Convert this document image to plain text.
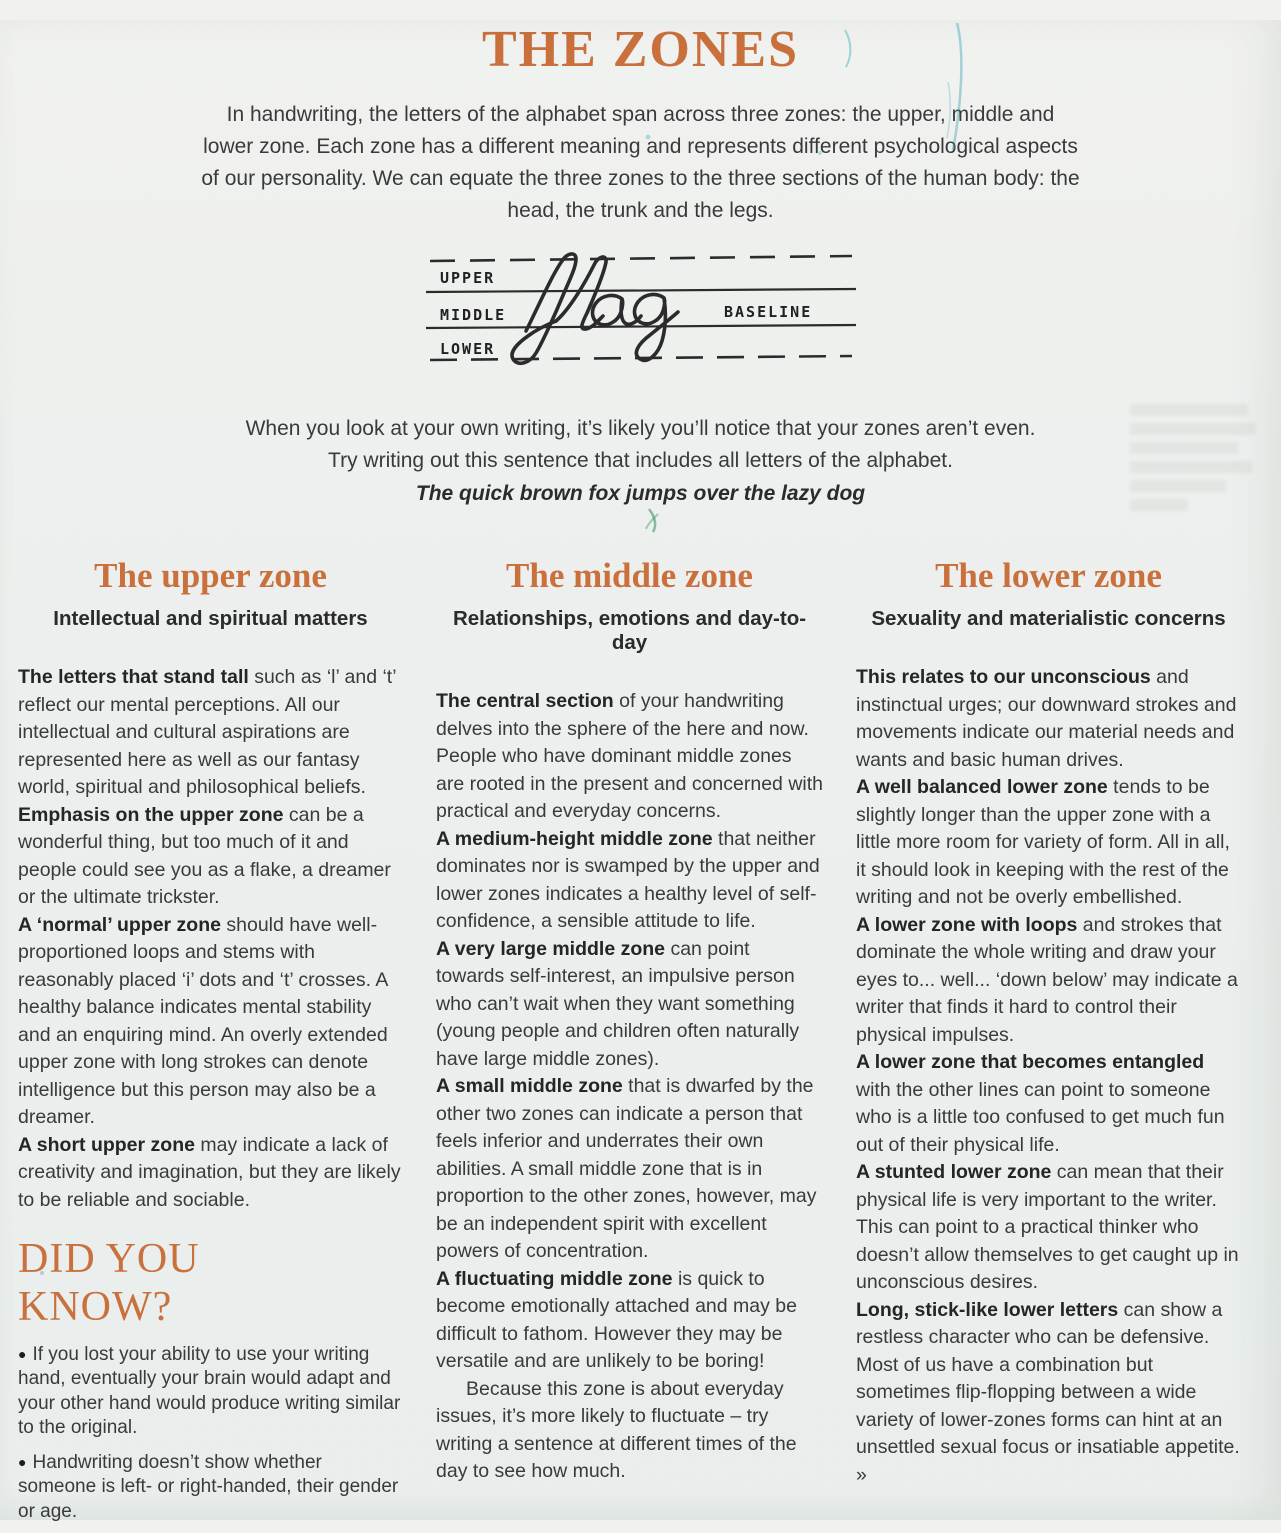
THE ZONES
In handwriting, the letters of the alphabet span across three zones: the upper, middle and
lower zone. Each zone has a different meaning and represents different psychological aspects
of our personality. We can equate the three zones to the three sections of the human body: the
head, the trunk and the legs.
UPPER
MIDDLE
LOWER
BASELINE
When you look at your own writing, it’s likely you’ll notice that your zones aren’t even.
Try writing out this sentence that includes all letters of the alphabet.
The quick brown fox jumps over the lazy dog
The upper zone
Intellectual and spiritual matters

The letters that stand tall such as ‘l’ and ‘t’ reflect our mental perceptions. All our intellectual and cultural aspirations are represented here as well as our fantasy world, spiritual and philosophical beliefs.

Emphasis on the upper zone can be a wonderful thing, but too much of it and people could see you as a flake, a dreamer or the ultimate trickster.

A ‘normal’ upper zone should have well-proportioned loops and stems with reasonably placed ‘i’ dots and ‘t’ crosses. A healthy balance indicates mental stability and an enquiring mind. An overly extended upper zone with long strokes can denote intelligence but this person may also be a dreamer.

A short upper zone may indicate a lack of creativity and imagination, but they are likely to be reliable and sociable.

DID YOU KNOW?

● If you lost your ability to use your writing hand, eventually your brain would adapt and your other hand would produce writing similar to the original.

● Handwriting doesn’t show whether someone is left- or right-handed, their gender or age.

The middle zone
Relationships, emotions and day-to-day

The central section of your handwriting delves into the sphere of the here and now. People who have dominant middle zones are rooted in the present and concerned with practical and everyday concerns.

A medium-height middle zone that neither dominates nor is swamped by the upper and lower zones indicates a healthy level of self-confidence, a sensible attitude to life.

A very large middle zone can point towards self-interest, an impulsive person who can’t wait when they want something (young people and children often naturally have large middle zones).

A small middle zone that is dwarfed by the other two zones can indicate a person that feels inferior and underrates their own abilities. A small middle zone that is in proportion to the other zones, however, may be an independent spirit with excellent powers of concentration.

A fluctuating middle zone is quick to become emotionally attached and may be difficult to fathom. However they may be versatile and are unlikely to be boring!

Because this zone is about everyday issues, it’s more likely to fluctuate – try writing a sentence at different times of the day to see how much.

The lower zone
Sexuality and materialistic concerns

This relates to our unconscious and instinctual urges; our downward strokes and movements indicate our material needs and wants and basic human drives.

A well balanced lower zone tends to be slightly longer than the upper zone with a little more room for variety of form. All in all, it should look in keeping with the rest of the writing and not be overly embellished.

A lower zone with loops and strokes that dominate the whole writing and draw your eyes to... well... ‘down below’ may indicate a writer that finds it hard to control their physical impulses.

A lower zone that becomes entangled with the other lines can point to someone who is a little too confused to get much fun out of their physical life.

A stunted lower zone can mean that their physical life is very important to the writer. This can point to a practical thinker who doesn’t allow themselves to get caught up in unconscious desires.

Long, stick-like lower letters can show a restless character who can be defensive. Most of us have a combination but sometimes flip-flopping between a wide variety of lower-zones forms can hint at an unsettled sexual focus or insatiable appetite. »
